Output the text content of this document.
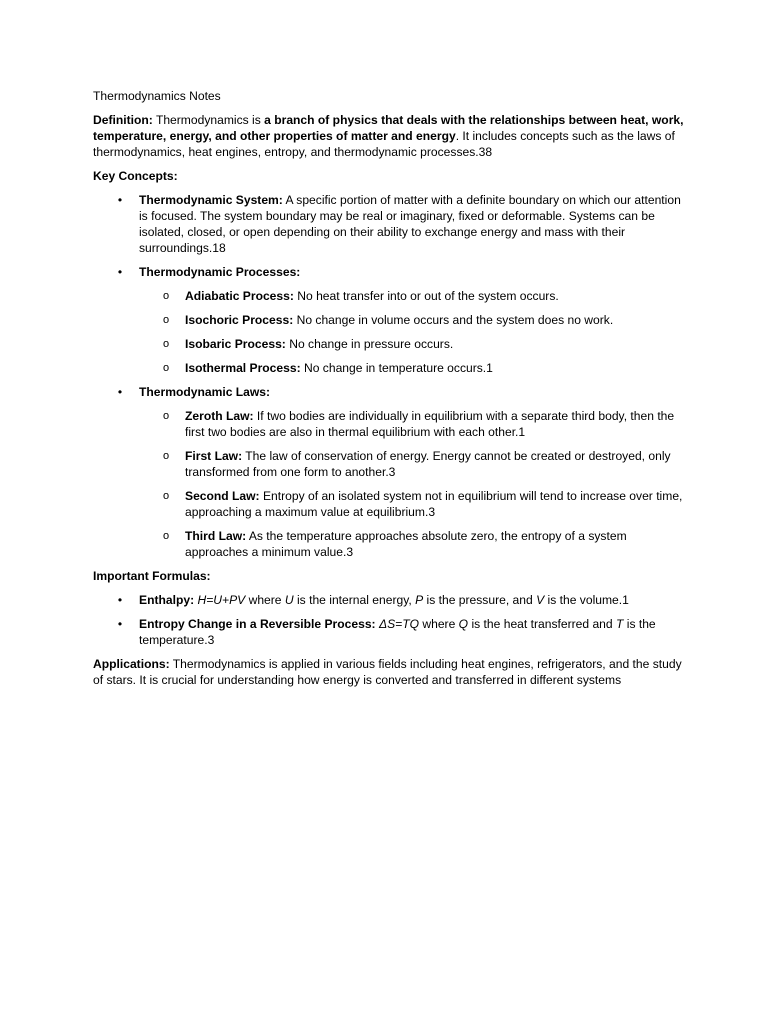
Thermodynamics Notes

Definition: Thermodynamics is a branch of physics that deals with the relationships between heat, work, temperature, energy, and other properties of matter and energy. It includes concepts such as the laws of thermodynamics, heat engines, entropy, and thermodynamic processes.38

Key Concepts:

• Thermodynamic System: A specific portion of matter with a definite boundary on which our attention is focused. The system boundary may be real or imaginary, fixed or deformable. Systems can be isolated, closed, or open depending on their ability to exchange energy and mass with their surroundings.18
• Thermodynamic Processes:
o Adiabatic Process: No heat transfer into or out of the system occurs.
o Isochoric Process: No change in volume occurs and the system does no work.
o Isobaric Process: No change in pressure occurs.
o Isothermal Process: No change in temperature occurs.1
• Thermodynamic Laws:
o Zeroth Law: If two bodies are individually in equilibrium with a separate third body, then the first two bodies are also in thermal equilibrium with each other.1
o First Law: The law of conservation of energy. Energy cannot be created or destroyed, only transformed from one form to another.3
o Second Law: Entropy of an isolated system not in equilibrium will tend to increase over time, approaching a maximum value at equilibrium.3
o Third Law: As the temperature approaches absolute zero, the entropy of a system approaches a minimum value.3

Important Formulas:

• Enthalpy: H=U+PV where U is the internal energy, P is the pressure, and V is the volume.1
• Entropy Change in a Reversible Process: ΔS=TQ where Q is the heat transferred and T is the temperature.3

Applications: Thermodynamics is applied in various fields including heat engines, refrigerators, and the study of stars. It is crucial for understanding how energy is converted and transferred in different systems
